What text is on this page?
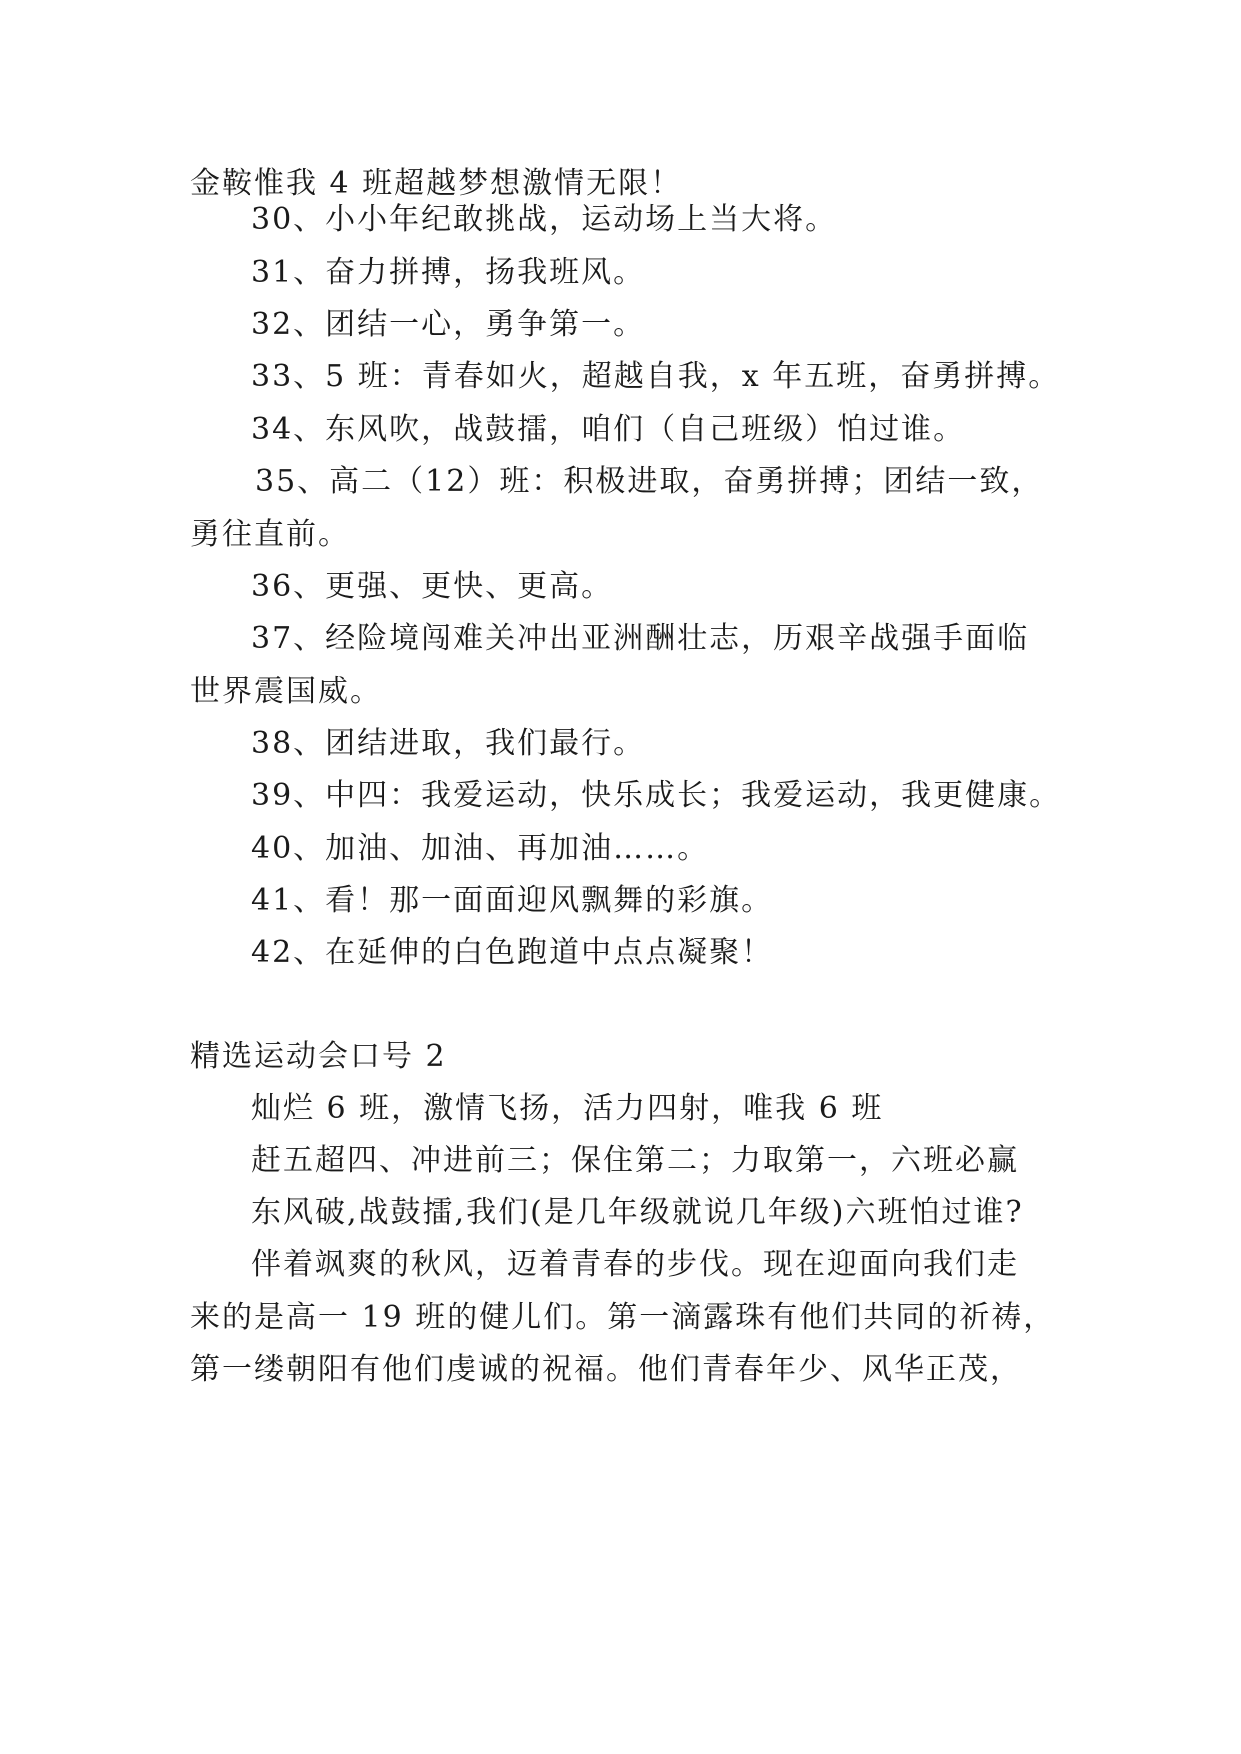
金鞍惟我 4 班超越梦想激情无限！
30、小小年纪敢挑战，运动场上当大将。
31、奋力拼搏，扬我班风。
32、团结一心，勇争第一。
33、5 班：青春如火，超越自我，x 年五班，奋勇拼搏。
34、东风吹，战鼓擂，咱们（自己班级）怕过谁。
35、高二（12）班：积极进取，奋勇拼搏；团结一致，
勇往直前。
36、更强、更快、更高。
37、经险境闯难关冲出亚洲酬壮志，历艰辛战强手面临
世界震国威。
38、团结进取，我们最行。
39、中四：我爱运动，快乐成长；我爱运动，我更健康。
40、加油、加油、再加油……。
41、看！那一面面迎风飘舞的彩旗。
42、在延伸的白色跑道中点点凝聚！
精选运动会口号 2
灿烂 6 班，激情飞扬，活力四射，唯我 6 班
赶五超四、冲进前三；保住第二；力取第一，六班必赢
东风破,战鼓擂,我们(是几年级就说几年级)六班怕过谁?
伴着飒爽的秋风，迈着青春的步伐。现在迎面向我们走
来的是高一 19 班的健儿们。第一滴露珠有他们共同的祈祷，
第一缕朝阳有他们虔诚的祝福。他们青春年少、风华正茂，
